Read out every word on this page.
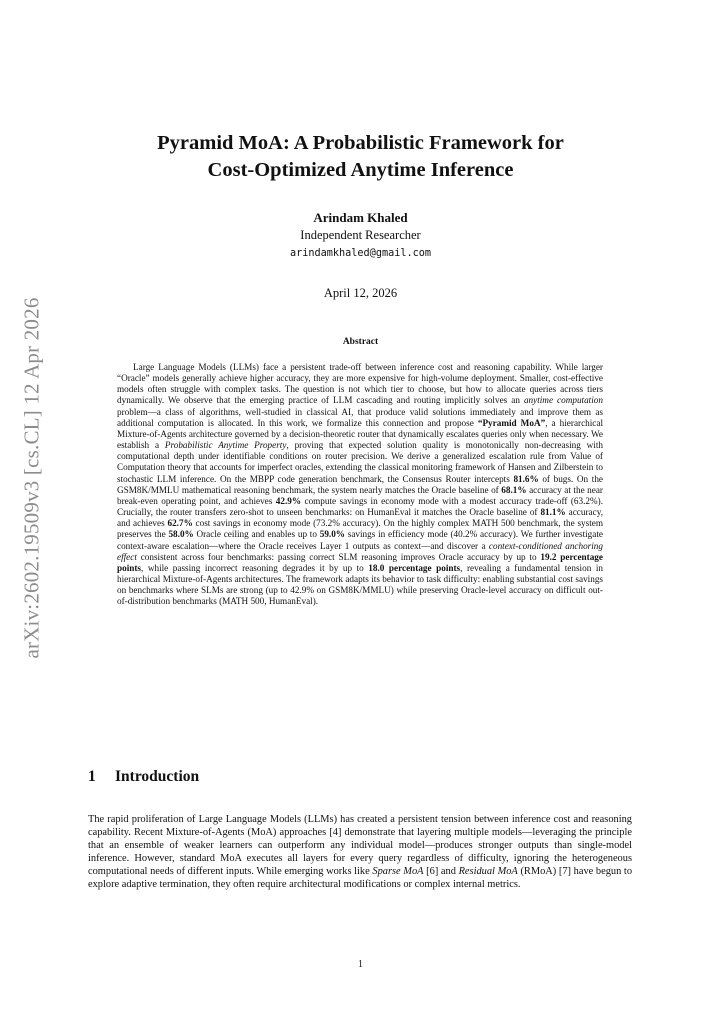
arXiv:2602.19509v3 [cs.CL] 12 Apr 2026
Pyramid MoA: A Probabilistic Framework for
Cost-Optimized Anytime Inference
Arindam Khaled
Independent Researcher
arindamkhaled@gmail.com
April 12, 2026
Abstract

Large Language Models (LLMs) face a persistent trade-off between inference cost and reasoning capability. While larger “Oracle” models generally achieve higher accuracy, they are more expensive for high-volume deployment. Smaller, cost-effective models often struggle with complex tasks. The question is not which tier to choose, but how to allocate queries across tiers dynamically. We observe that the emerging practice of LLM cascading and routing implicitly solves an anytime computation problem—a class of algorithms, well-studied in classical AI, that produce valid solutions immediately and improve them as additional computation is allocated. In this work, we formalize this connection and propose “Pyramid MoA”, a hierarchical Mixture-of-Agents architecture governed by a decision-theoretic router that dynamically escalates queries only when necessary. We establish a Probabilistic Anytime Property, proving that expected solution quality is monotonically non-decreasing with computational depth under identifiable conditions on router precision. We derive a generalized escalation rule from Value of Computation theory that accounts for imperfect oracles, extending the classical monitoring framework of Hansen and Zilberstein to stochastic LLM inference. On the MBPP code generation benchmark, the Consensus Router intercepts 81.6% of bugs. On the GSM8K/MMLU mathematical reasoning benchmark, the system nearly matches the Oracle baseline of 68.1% accuracy at the near break-even operating point, and achieves 42.9% compute savings in economy mode with a modest accuracy trade-off (63.2%). Crucially, the router transfers zero-shot to unseen benchmarks: on HumanEval it matches the Oracle baseline of 81.1% accuracy, and achieves 62.7% cost savings in economy mode (73.2% accuracy). On the highly complex MATH 500 benchmark, the system preserves the 58.0% Oracle ceiling and enables up to 59.0% savings in efficiency mode (40.2% accuracy). We further investigate context-aware escalation—where the Oracle receives Layer 1 outputs as context—and discover a context-conditioned anchoring effect consistent across four benchmarks: passing correct SLM reasoning improves Oracle accuracy by up to 19.2 percentage points, while passing incorrect reasoning degrades it by up to 18.0 percentage points, revealing a fundamental tension in hierarchical Mixture-of-Agents architectures. The framework adapts its behavior to task difficulty: enabling substantial cost savings on benchmarks where SLMs are strong (up to 42.9% on GSM8K/MMLU) while preserving Oracle-level accuracy on difficult out-of-distribution benchmarks (MATH 500, HumanEval).

1 Introduction

The rapid proliferation of Large Language Models (LLMs) has created a persistent tension between inference cost and reasoning capability. Recent Mixture-of-Agents (MoA) approaches [4] demonstrate that layering multiple models—leveraging the principle that an ensemble of weaker learners can outperform any individual model—produces stronger outputs than single-model inference. However, standard MoA executes all layers for every query regardless of difficulty, ignoring the heterogeneous computational needs of different inputs. While emerging works like Sparse MoA [6] and Residual MoA (RMoA) [7] have begun to explore adaptive termination, they often require architectural modifications or complex internal metrics.

1
